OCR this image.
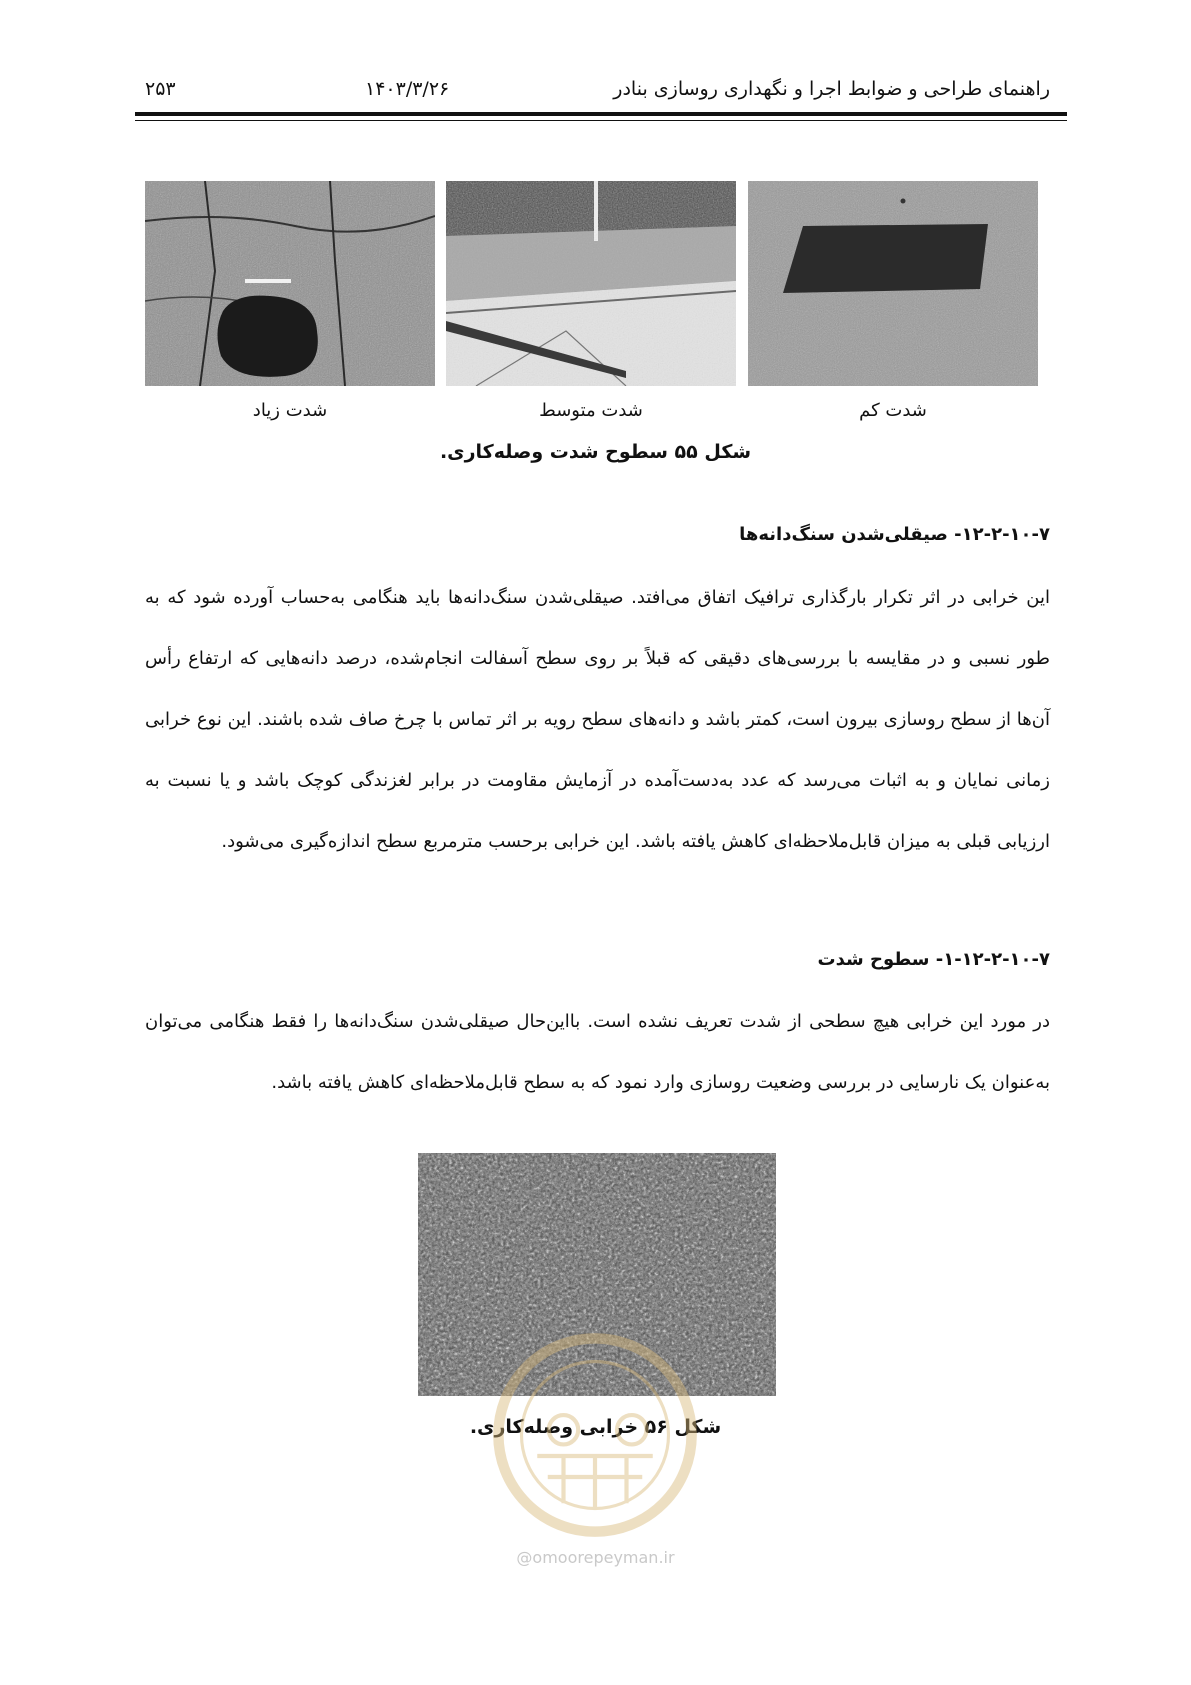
راهنمای طراحی و ضوابط اجرا و نگهداری روسازی بنادر
۱۴۰۳/۳/۲۶
۲۵۳
شدت زیاد	شدت متوسط	شدت کم
شکل ۵۵ سطوح شدت وصله‌کاری.
۱۲-۲-۱۰-۷- صیقلی‌شدن سنگ‌دانه‌ها

این خرابی در اثر تکرار بارگذاری ترافیک اتفاق می‌افتد. صیقلی‌شدن سنگ‌دانه‌ها باید هنگامی به‌حساب آورده شود که به طور نسبی و در مقایسه با بررسی‌های دقیقی که قبلاً بر روی سطح آسفالت انجام‌شده، درصد دانه‌هایی که ارتفاع رأس آن‌ها از سطح روسازی بیرون است، کمتر باشد و دانه‌های سطح رویه بر اثر تماس با چرخ صاف شده باشند. این نوع خرابی زمانی نمایان و به اثبات می‌رسد که عدد به‌دست‌آمده در آزمایش مقاومت در برابر لغزندگی کوچک باشد و یا نسبت به ارزیابی قبلی به میزان قابل‌ملاحظه‌ای کاهش یافته باشد. این خرابی برحسب مترمربع سطح اندازه‌گیری می‌شود.

۱-۱۲-۲-۱۰-۷- سطوح شدت

در مورد این خرابی هیچ سطحی از شدت تعریف نشده است. بااین‌حال صیقلی‌شدن سنگ‌دانه‌ها را فقط هنگامی می‌توان به‌عنوان یک نارسایی در بررسی وضعیت روسازی وارد نمود که به سطح قابل‌ملاحظه‌ای کاهش یافته باشد.

شکل ۵۶ خرابی وصله‌کاری.
@omoorepeyman.ir
